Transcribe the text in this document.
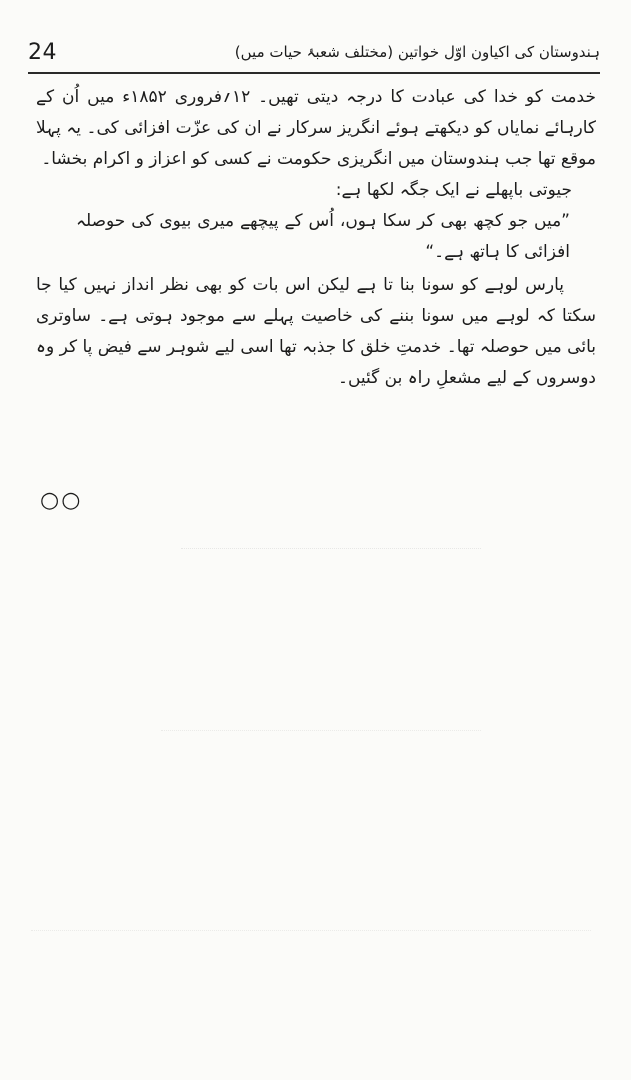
24	ہندوستان کی اکیاون اوّل خواتین (مختلف شعبۂ حیات میں)

خدمت کو خدا کی عبادت کا درجہ دیتی تھیں۔ ۱۲؍فروری ۱۸۵۲ء میں اُن کے کارہائے نمایاں کو دیکھتے ہوئے انگریز سرکار نے ان کی عزّت افزائی کی۔ یہ پہلا موقع تھا جب ہندوستان میں انگریزی حکومت نے کسی کو اعزاز و اکرام بخشا۔

جیوتی باپھلے نے ایک جگہ لکھا ہے:

”میں جو کچھ بھی کر سکا ہوں، اُس کے پیچھے میری بیوی کی حوصلہ افزائی کا ہاتھ ہے۔“

پارس لوہے کو سونا بنا تا ہے لیکن اس بات کو بھی نظر انداز نہیں کیا جا سکتا کہ لوہے میں سونا بننے کی خاصیت پہلے سے موجود ہوتی ہے۔ ساوتری بائی میں حوصلہ تھا۔ خدمتِ خلق کا جذبہ تھا اسی لیے شوہر سے فیض پا کر وہ دوسروں کے لیے مشعلِ راہ بن گئیں۔

○○
